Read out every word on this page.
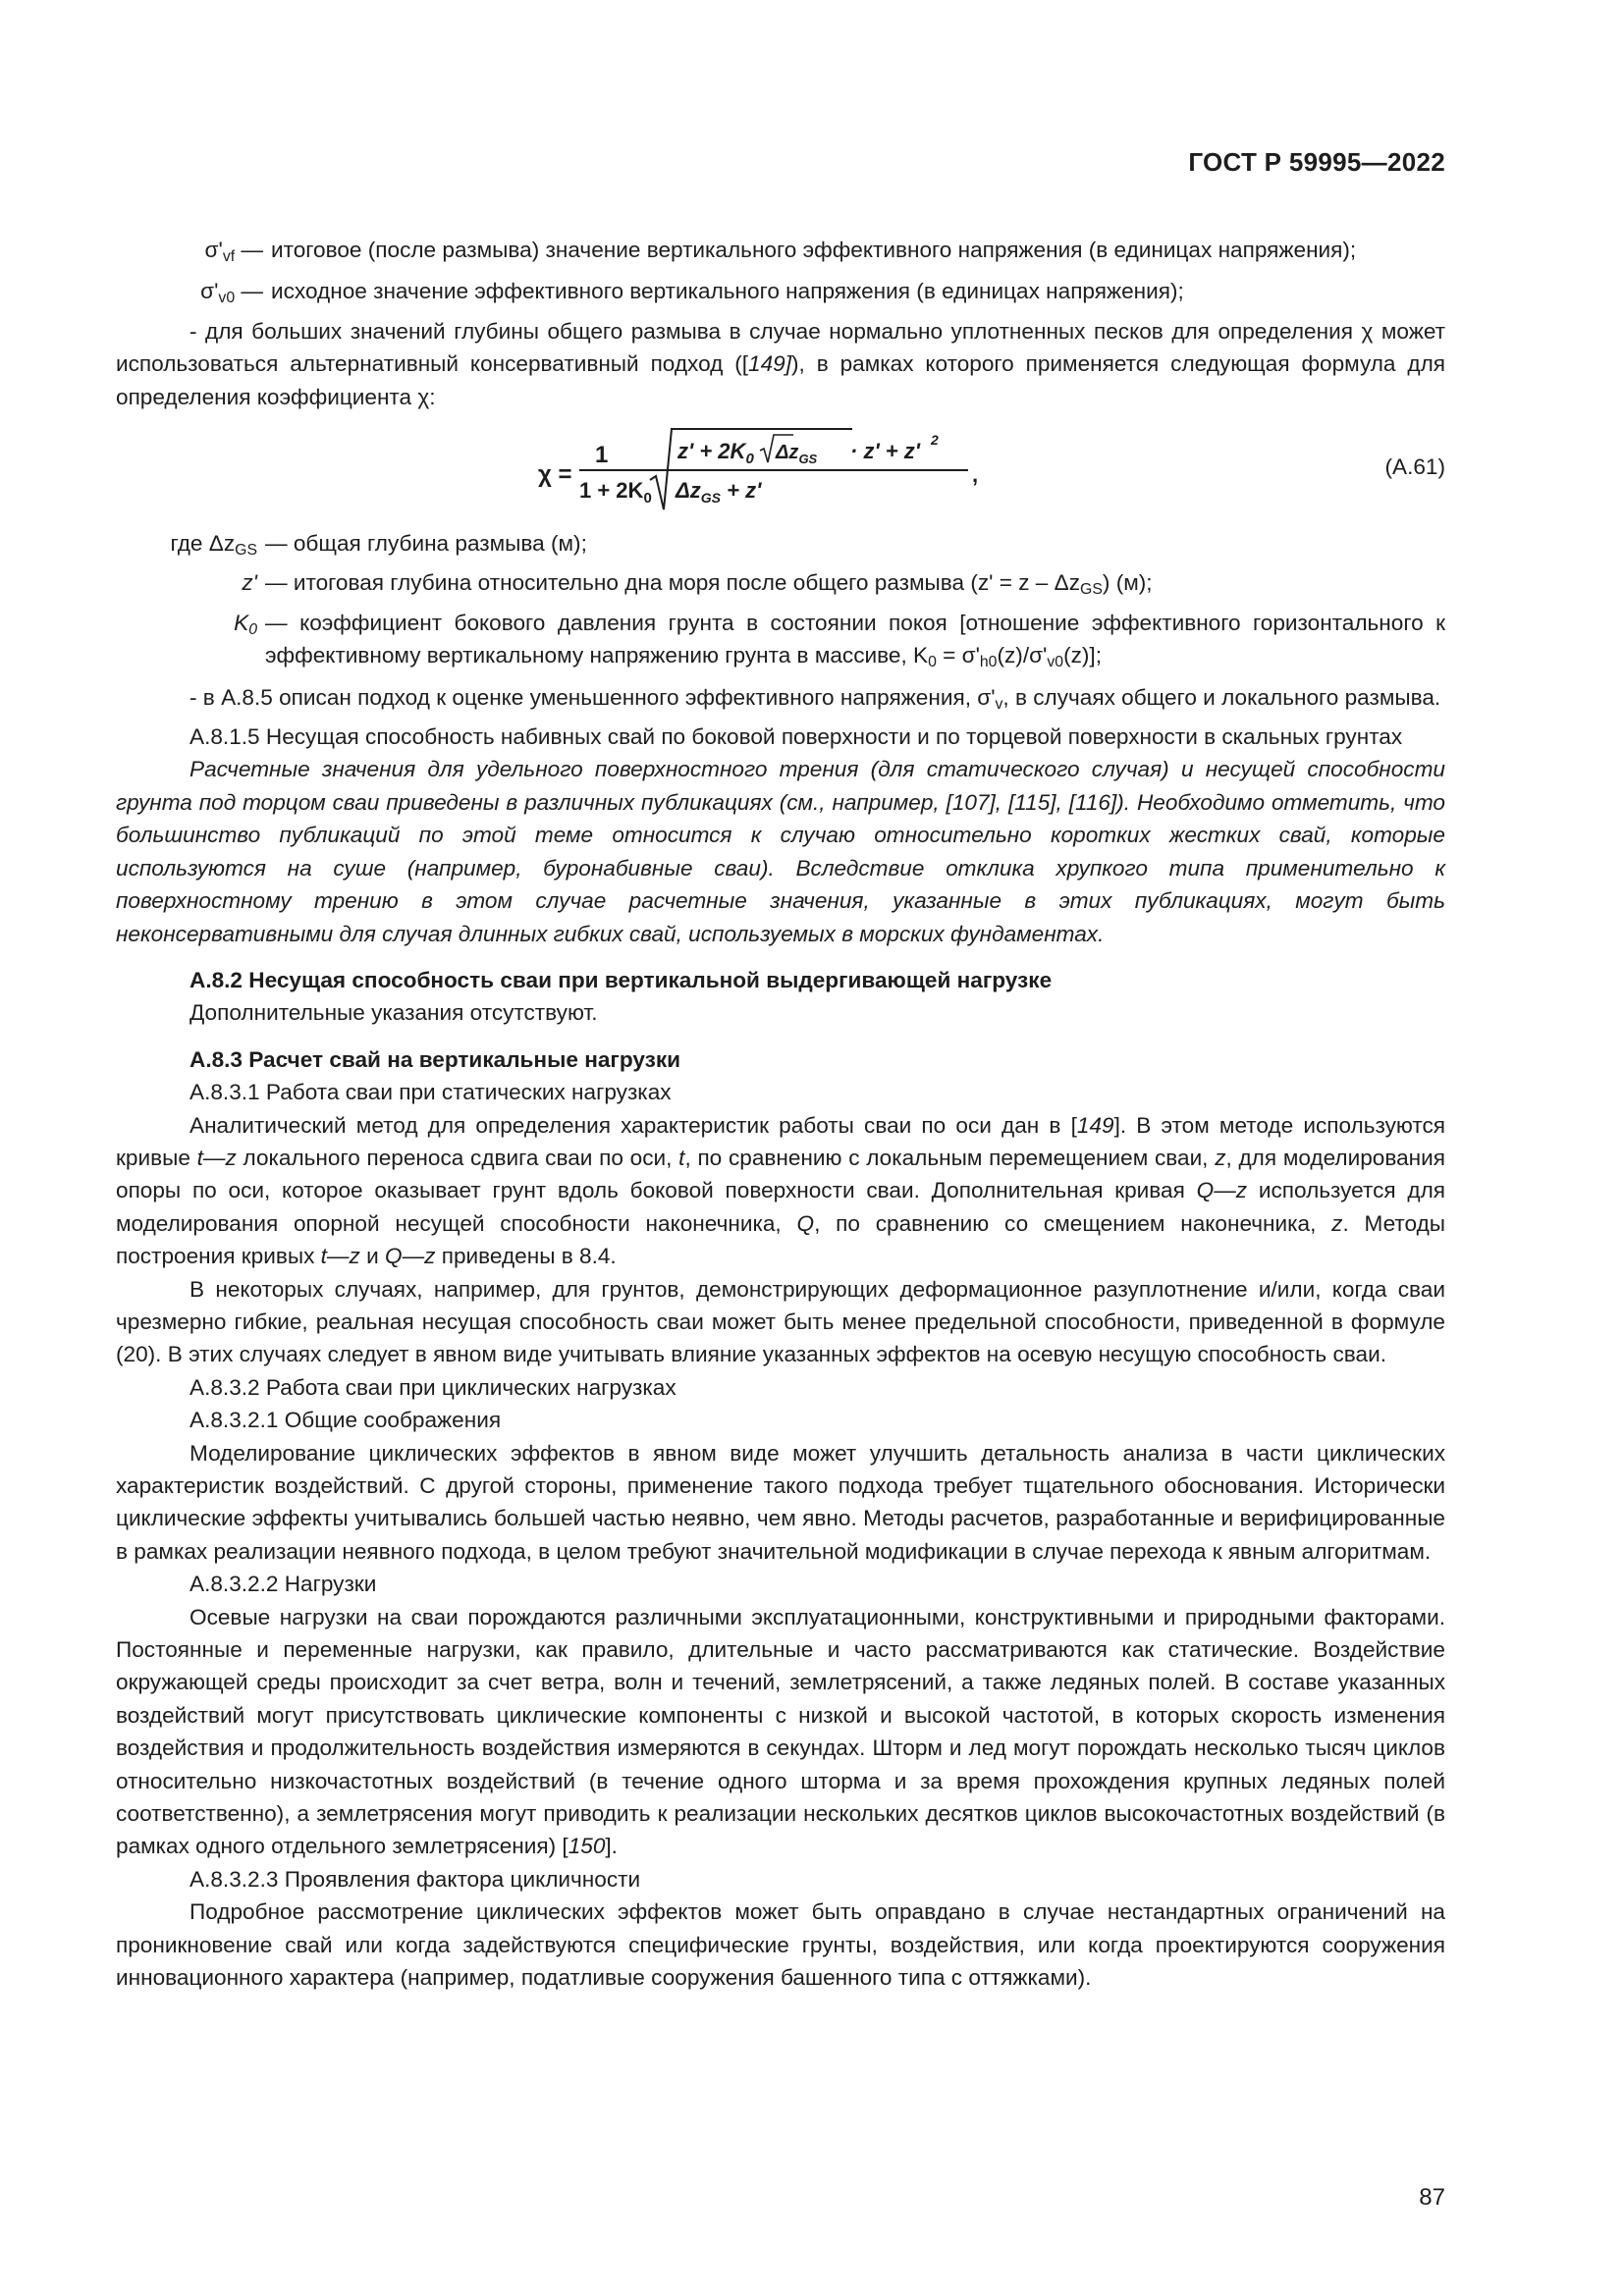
ГОСТ Р 59995—2022
$\sigma'_{vf}$ — итоговое (после размыва) значение вертикального эффективного напряжения (в единицах напряжения);
$\sigma'_{v0}$ — исходное значение эффективного вертикального напряжения (в единицах напряжения);

- для больших значений глубины общего размыва в случае нормально уплотненных песков для определения χ может использоваться альтернативный консервативный подход ([149]), в рамках которого применяется следующая формула для определения коэффициента χ:

χ =
1
$1 + 2K_0$
$z' + 2K_0$ $\Delta z_{GS} \cdot z' + z'$ 2
$\Delta z_{GS} + z'$
,	(A.61)
где $\Delta z_{GS}$ — общая глубина размыва (м);
z' — итоговая глубина относительно дна моря после общего размыва $(z' = z - \Delta z_{GS})$ (м);
$K_0$ — коэффициент бокового давления грунта в состоянии покоя [отношение эффективного горизонтального к эффективному вертикальному напряжению грунта в массиве, $K_0 = \sigma'_{h0}(z)/\sigma'_{v0}(z)$];

- в А.8.5 описан подход к оценке уменьшенного эффективного напряжения, $\sigma'_v$, в случаях общего и локального размыва.

А.8.1.5 Несущая способность набивных свай по боковой поверхности и по торцевой поверхности в скальных грунтах

Расчетные значения для удельного поверхностного трения (для статического случая) и несущей способности грунта под торцом сваи приведены в различных публикациях (см., например, [107], [115], [116]). Необходимо отметить, что большинство публикаций по этой теме относится к случаю относительно коротких жестких свай, которые используются на суше (например, буронабивные сваи). Вследствие отклика хрупкого типа применительно к поверхностному трению в этом случае расчетные значения, указанные в этих публикациях, могут быть неконсервативными для случая длинных гибких свай, используемых в морских фундаментах.

А.8.2 Несущая способность сваи при вертикальной выдергивающей нагрузке

Дополнительные указания отсутствуют.

А.8.3 Расчет свай на вертикальные нагрузки

А.8.3.1 Работа сваи при статических нагрузках

Аналитический метод для определения характеристик работы сваи по оси дан в [149]. В этом методе используются кривые t—z локального переноса сдвига сваи по оси, t, по сравнению с локальным перемещением сваи, z, для моделирования опоры по оси, которое оказывает грунт вдоль боковой поверхности сваи. Дополнительная кривая Q—z используется для моделирования опорной несущей способности наконечника, Q, по сравнению со смещением наконечника, z. Методы построения кривых t—z и Q—z приведены в 8.4.

В некоторых случаях, например, для грунтов, демонстрирующих деформационное разуплотнение и/или, когда сваи чрезмерно гибкие, реальная несущая способность сваи может быть менее предельной способности, приведенной в формуле (20). В этих случаях следует в явном виде учитывать влияние указанных эффектов на осевую несущую способность сваи.

А.8.3.2 Работа сваи при циклических нагрузках

А.8.3.2.1 Общие соображения

Моделирование циклических эффектов в явном виде может улучшить детальность анализа в части циклических характеристик воздействий. С другой стороны, применение такого подхода требует тщательного обоснования. Исторически циклические эффекты учитывались большей частью неявно, чем явно. Методы расчетов, разработанные и верифицированные в рамках реализации неявного подхода, в целом требуют значительной модификации в случае перехода к явным алгоритмам.

А.8.3.2.2 Нагрузки

Осевые нагрузки на сваи порождаются различными эксплуатационными, конструктивными и природными факторами. Постоянные и переменные нагрузки, как правило, длительные и часто рассматриваются как статические. Воздействие окружающей среды происходит за счет ветра, волн и течений, землетрясений, а также ледяных полей. В составе указанных воздействий могут присутствовать циклические компоненты с низкой и высокой частотой, в которых скорость изменения воздействия и продолжительность воздействия измеряются в секундах. Шторм и лед могут порождать несколько тысяч циклов относительно низкочастотных воздействий (в течение одного шторма и за время прохождения крупных ледяных полей соответственно), а землетрясения могут приводить к реализации нескольких десятков циклов высокочастотных воздействий (в рамках одного отдельного землетрясения) [150].

А.8.3.2.3 Проявления фактора цикличности

Подробное рассмотрение циклических эффектов может быть оправдано в случае нестандартных ограничений на проникновение свай или когда задействуются специфические грунты, воздействия, или когда проектируются сооружения инновационного характера (например, податливые сооружения башенного типа с оттяжками).

87
